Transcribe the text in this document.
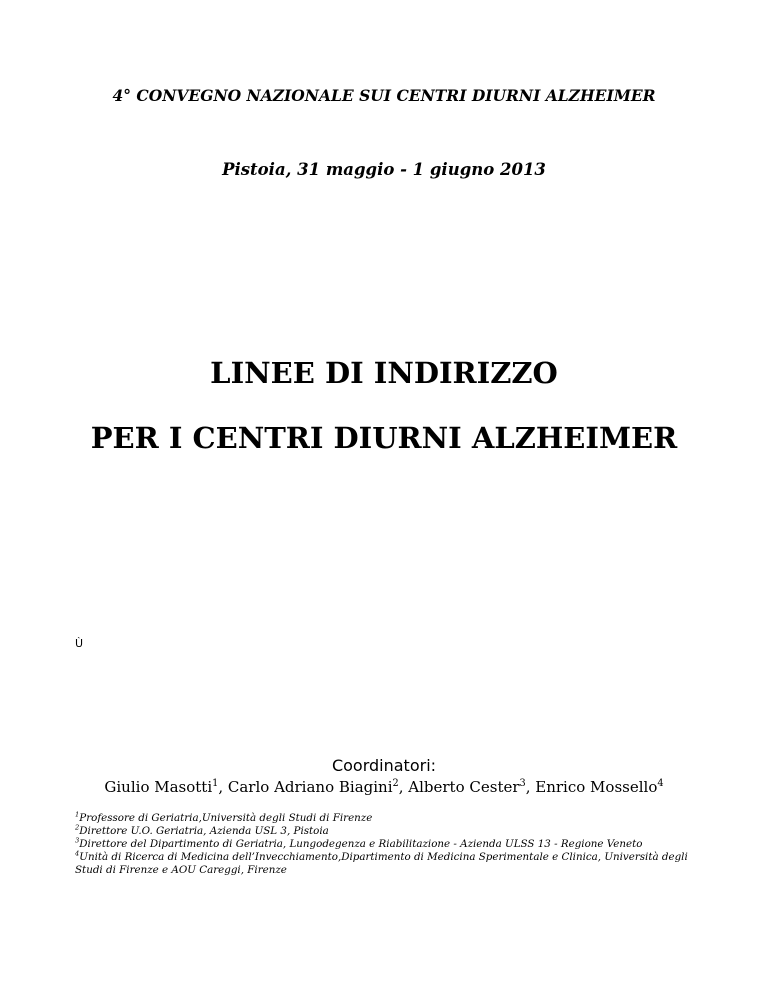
4° CONVEGNO NAZIONALE SUI CENTRI DIURNI ALZHEIMER
Pistoia, 31 maggio - 1 giugno 2013
LINEE DI INDIRIZZO
PER I CENTRI DIURNI ALZHEIMER
Ù
Coordinatori:
Giulio Masotti$^1$, Carlo Adriano Biagini$^2$, Alberto Cester$^3$, Enrico Mossello$^4$
$^1$Professore di Geriatria,Università degli Studi di Firenze
$^2$Direttore U.O. Geriatria, Azienda USL 3, Pistoia
$^3$Direttore del Dipartimento di Geriatria, Lungodegenza e Riabilitazione - Azienda ULSS 13 - Regione Veneto
$^4$Unità di Ricerca di Medicina dell’Invecchiamento,Dipartimento di Medicina Sperimentale e Clinica, Università degli Studi di Firenze e AOU Careggi, Firenze
